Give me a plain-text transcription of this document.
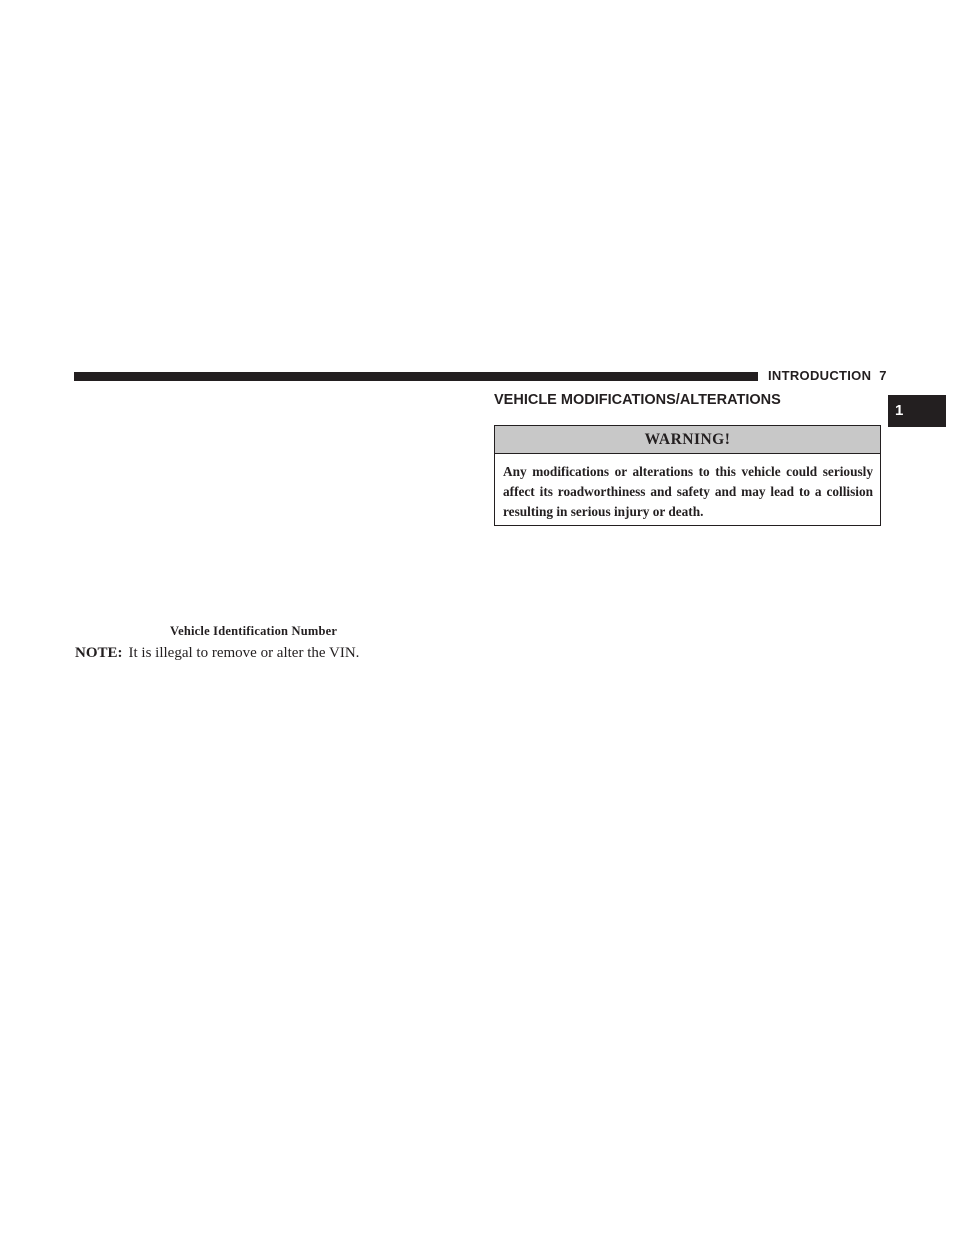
INTRODUCTION 7
1
Vehicle Identification Number
NOTE: It is illegal to remove or alter the VIN.
VEHICLE MODIFICATIONS/ALTERATIONS
WARNING!
Any modifications or alterations to this vehicle could seriously affect its roadworthiness and safety and may lead to a collision resulting in serious injury or death.
